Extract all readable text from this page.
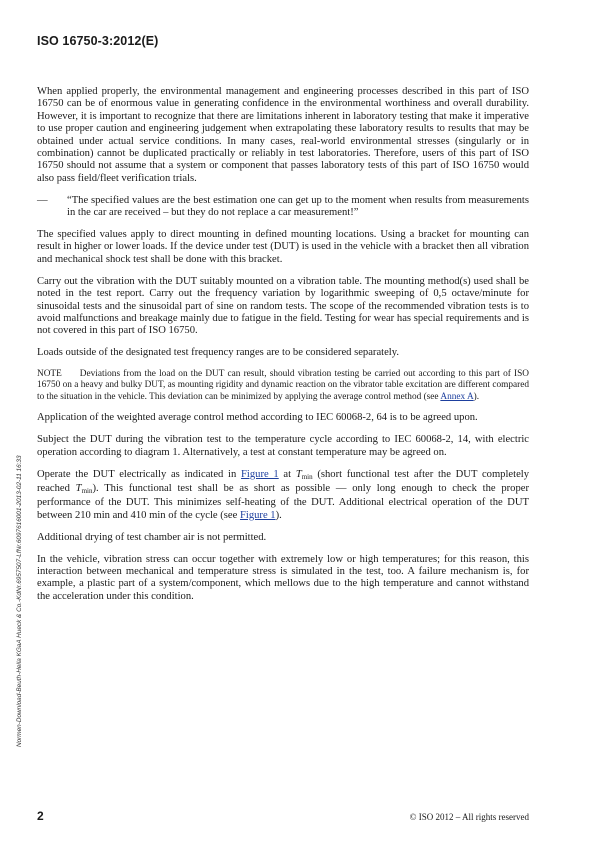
ISO 16750-3:2012(E)

When applied properly, the environmental management and engineering processes described in this part of ISO 16750 can be of enormous value in generating confidence in the environmental worthiness and overall durability. However, it is important to recognize that there are limitations inherent in laboratory testing that make it imperative to use proper caution and engineering judgement when extrapolating these laboratory results to results that may be obtained under actual service conditions. In many cases, real-world environmental stresses (singularly or in combination) cannot be duplicated practically or reliably in test laboratories. Therefore, users of this part of ISO 16750 should not assume that a system or component that passes laboratory tests of this part of ISO 16750 would also pass field/fleet verification trials.

—	“The specified values are the best estimation one can get up to the moment when results from measurements in the car are received – but they do not replace a car measurement!”

The specified values apply to direct mounting in defined mounting locations. Using a bracket for mounting can result in higher or lower loads. If the device under test (DUT) is used in the vehicle with a bracket then all vibration and mechanical shock test shall be done with this bracket.

Carry out the vibration with the DUT suitably mounted on a vibration table. The mounting method(s) used shall be noted in the test report. Carry out the frequency variation by logarithmic sweeping of 0,5 octave/minute for sinusoidal tests and the sinusoidal part of sine on random tests. The scope of the recommended vibration tests is to avoid malfunctions and breakage mainly due to fatigue in the field. Testing for wear has special requirements and is not covered in this part of ISO 16750.

Loads outside of the designated test frequency ranges are to be considered separately.

NOTE Deviations from the load on the DUT can result, should vibration testing be carried out according to this part of ISO 16750 on a heavy and bulky DUT, as mounting rigidity and dynamic reaction on the vibrator table excitation are different compared to the situation in the vehicle. This deviation can be minimized by applying the average control method (see Annex A).

Application of the weighted average control method according to IEC 60068-2, 64 is to be agreed upon.

Subject the DUT during the vibration test to the temperature cycle according to IEC 60068-2, 14, with electric operation according to diagram 1. Alternatively, a test at constant temperature may be agreed on.

Operate the DUT electrically as indicated in Figure 1 at $T_{min}$ (short functional test after the DUT completely reached $T_{min}$). This functional test shall be as short as possible — only long enough to check the proper performance of the DUT. This minimizes self-heating of the DUT. Additional electrical operation of the DUT between 210 min and 410 min of the cycle (see Figure 1).

Additional drying of test chamber air is not permitted.

In the vehicle, vibration stress can occur together with extremely low or high temperatures; for this reason, this interaction between mechanical and temperature stress is simulated in the test, too. A failure mechanism is, for example, a plastic part of a system/component, which mellows due to the high temperature and cannot withstand the acceleration under this condition.

Normen-Download-Beuth-Hella KGaA Hueck & Co.-KdNr.6957507-LfNr.6097616001-2013-02-11 16:33
2	© ISO 2012 – All rights reserved
